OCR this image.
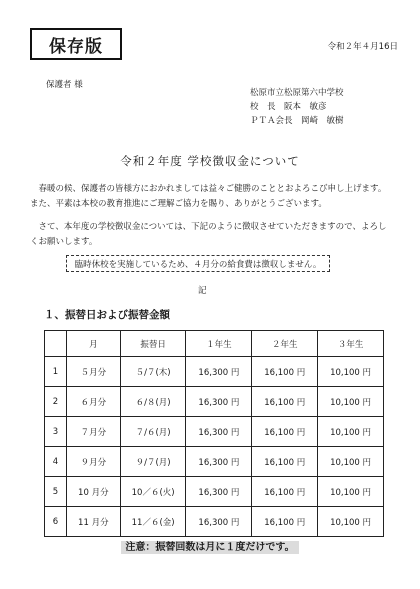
保存版	令和２年４月16日
保護者 様
松原市立松原第六中学校
校　長　阪本　敏彦
ＰＴＡ会長　岡崎　敏樹
令和２年度 学校徴収金について
春暖の候、保護者の皆様方におかれましては益々ご健勝のこととおよろこび申し上げます。また、平素は本校の教育推進にご理解ご協力を賜り、ありがとうございます。
さて、本年度の学校徴収金については、下記のように徴収させていただきますので、よろしくお願いします。
臨時休校を実施しているため、４月分の給食費は徴収しません。
記
１、振替日および振替金額
	月	振替日	１年生	２年生	３年生
1	５月分	５/７(木)	16,300 円	16,100 円	10,100 円
2	６月分	６/８(月)	16,300 円	16,100 円	10,100 円
3	７月分	７/６(月)	16,300 円	16,100 円	10,100 円
4	９月分	９/７(月)	16,300 円	16,100 円	10,100 円
5	10 月分	10／６(火)	16,300 円	16,100 円	10,100 円
6	11 月分	11／６(金)	16,300 円	16,100 円	10,100 円
注意：振替回数は月に１度だけです。
